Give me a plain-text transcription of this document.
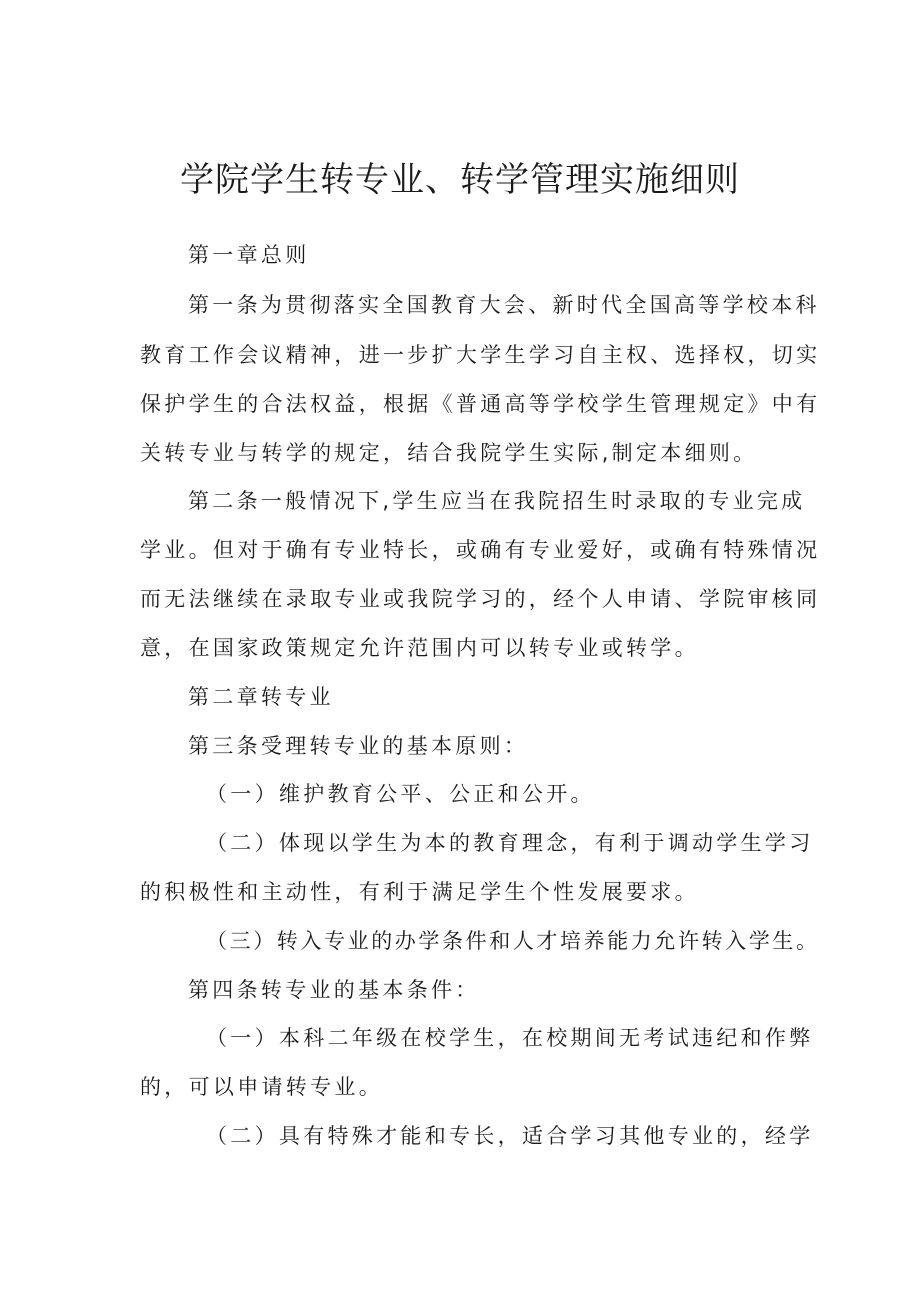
学院学生转专业、转学管理实施细则

第一章总则

第一条为贯彻落实全国教育大会、新时代全国高等学校本科

教育工作会议精神，进一步扩大学生学习自主权、选择权，切实

保护学生的合法权益，根据《普通高等学校学生管理规定》中有

关转专业与转学的规定，结合我院学生实际,制定本细则。

第二条一般情况下,学生应当在我院招生时录取的专业完成

学业。但对于确有专业特长，或确有专业爱好，或确有特殊情况

而无法继续在录取专业或我院学习的，经个人申请、学院审核同

意，在国家政策规定允许范围内可以转专业或转学。

第二章转专业

第三条受理转专业的基本原则：

（一）维护教育公平、公正和公开。

（二）体现以学生为本的教育理念，有利于调动学生学习

的积极性和主动性，有利于满足学生个性发展要求。

（三）转入专业的办学条件和人才培养能力允许转入学生。

第四条转专业的基本条件：

（一）本科二年级在校学生，在校期间无考试违纪和作弊

的，可以申请转专业。

（二）具有特殊才能和专长，适合学习其他专业的，经学
